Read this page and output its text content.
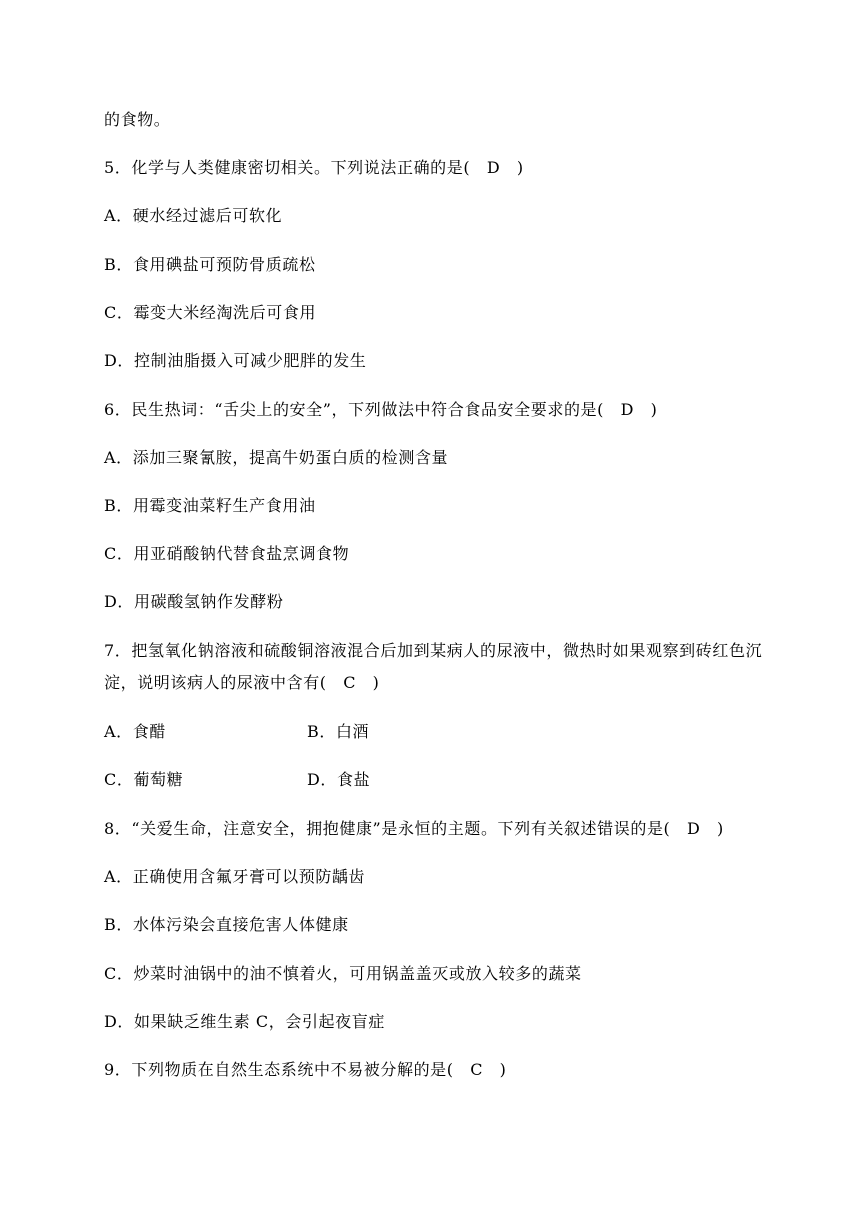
的食物。
5．化学与人类健康密切相关。下列说法正确的是(　D　)
A．硬水经过滤后可软化
B．食用碘盐可预防骨质疏松
C．霉变大米经淘洗后可食用
D．控制油脂摄入可减少肥胖的发生
6．民生热词：“舌尖上的安全”，下列做法中符合食品安全要求的是(　D　)
A．添加三聚氰胺，提高牛奶蛋白质的检测含量
B．用霉变油菜籽生产食用油
C．用亚硝酸钠代替食盐烹调食物
D．用碳酸氢钠作发酵粉
7．把氢氧化钠溶液和硫酸铜溶液混合后加到某病人的尿液中，微热时如果观察到砖红色沉淀，说明该病人的尿液中含有(　C　)
A．食醋	B．白酒
C．葡萄糖	D．食盐
8．“关爱生命，注意安全，拥抱健康”是永恒的主题。下列有关叙述错误的是(　D　)
A．正确使用含氟牙膏可以预防龋齿
B．水体污染会直接危害人体健康
C．炒菜时油锅中的油不慎着火，可用锅盖盖灭或放入较多的蔬菜
D．如果缺乏维生素 C，会引起夜盲症
9．下列物质在自然生态系统中不易被分解的是(　C　)
